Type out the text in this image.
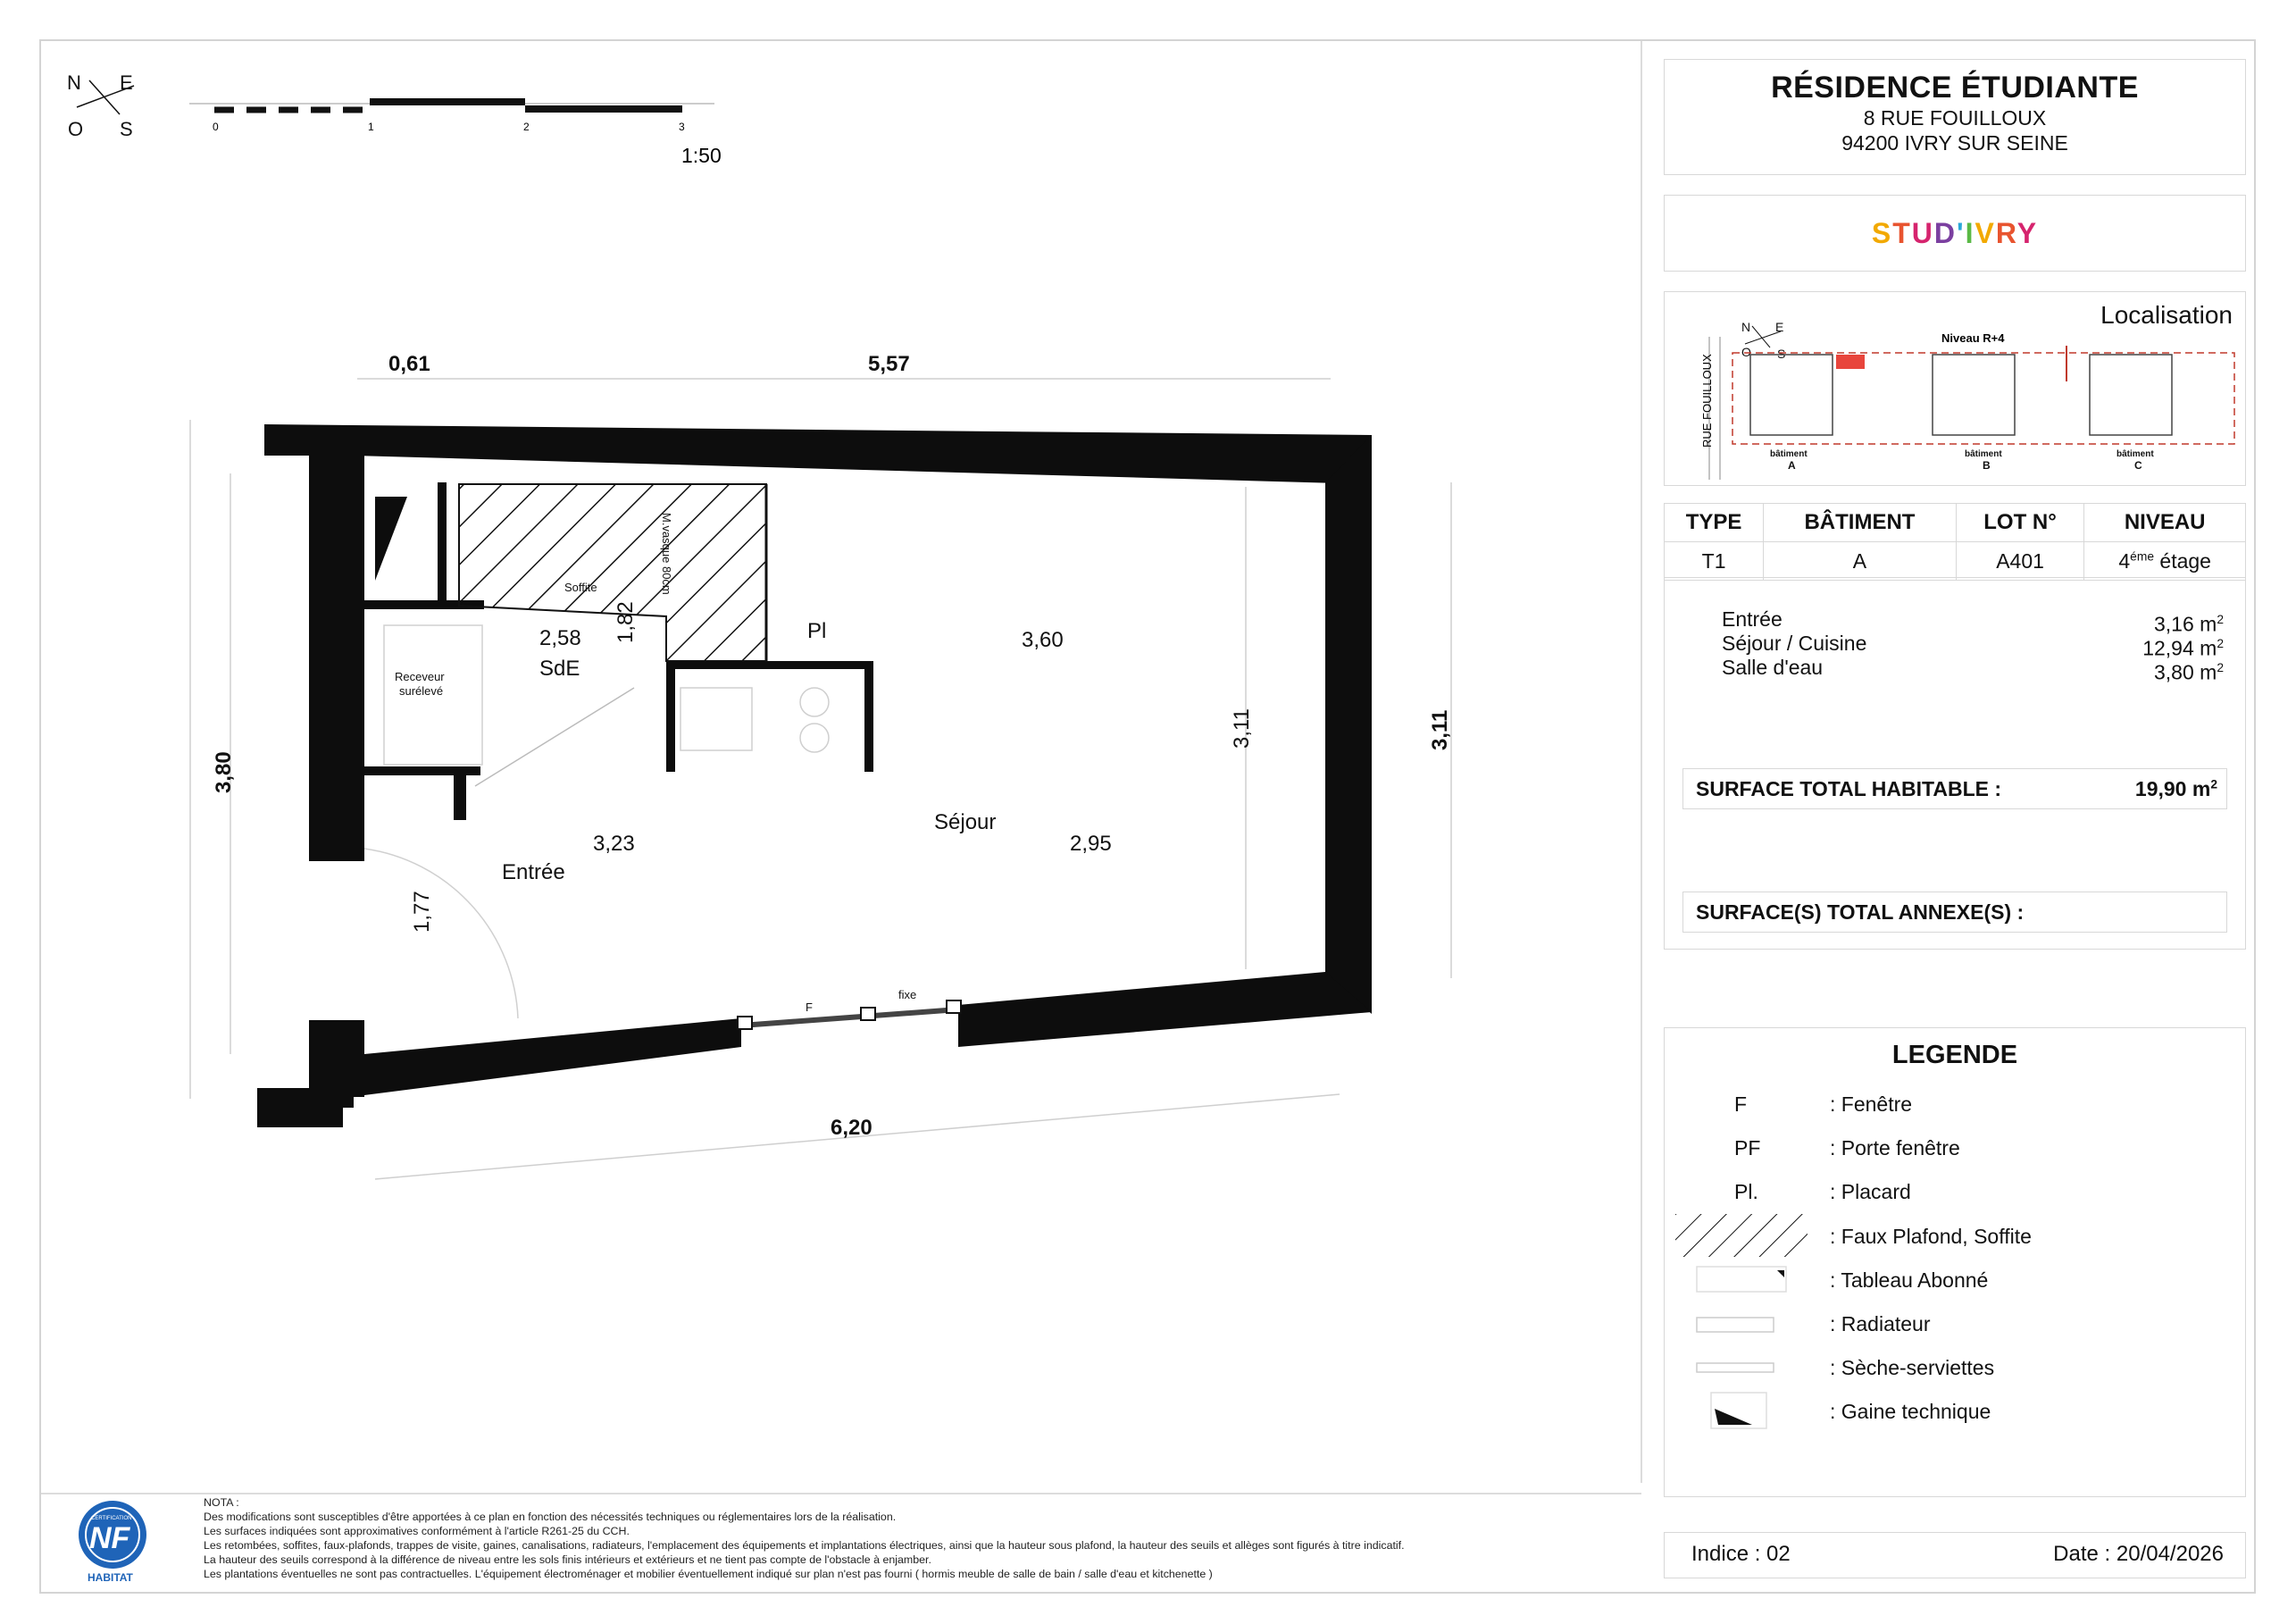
N E
S
O	0	1	2	3
1:50
0,61	5,57
6,20
3,80
3,11
3,11
1,77
1,82	3,60
3,23	2,95
2,58
SdE
Séjour
Entrée
Pl
Soffite
Receveur
surélevé
M.vasque 80cm
F
fixe
NF
CERTIFICATION
HABITAT
NOTA :
Des modifications sont susceptibles d'être apportées à ce plan en fonction des nécessités techniques ou réglementaires lors de la réalisation.
Les surfaces indiquées sont approximatives conformément à l'article R261-25 du CCH.
Les retombées, soffites, faux-plafonds, trappes de visite, gaines, canalisations, radiateurs, l'emplacement des équipements et implantations électriques, ainsi que la hauteur sous plafond, la hauteur des seuils et allèges sont figurés à titre indicatif.
La hauteur des seuils correspond à la différence de niveau entre les sols finis intérieurs et extérieurs et ne tient pas compte de l'obstacle à enjamber.
Les plantations éventuelles ne sont pas contractuelles. L'équipement électroménager et mobilier éventuellement indiqué sur plan n'est pas fourni ( hormis meuble de salle de bain / salle d'eau et kitchenette )
RÉSIDENCE ÉTUDIANTE
8 RUE FOUILLOUX
94200 IVRY SUR SEINE
STUD'IVRY
Localisation
N E
S
O
RUE FOUILLOUX
Niveau R+4
bâtiment
A
bâtiment
B
bâtiment
C
TYPE	BÂTIMENT	LOT N°	NIVEAU
T1	A	A401	$4^{éme}$ étage
Entrée	3,16 $m^2$
Séjour / Cuisine	12,94 $m^2$
Salle d'eau	3,80 $m^2$
SURFACE TOTAL HABITABLE :	19,90 $m^2$
SURFACE(S) TOTAL ANNEXE(S) :
LEGENDE
F	: Fenêtre
PF	: Porte fenêtre
Pl.	: Placard
: Faux Plafond, Soffite
: Tableau Abonné
: Radiateur
: Sèche-serviettes
: Gaine technique
Indice : 02	Date : 20/04/2026
